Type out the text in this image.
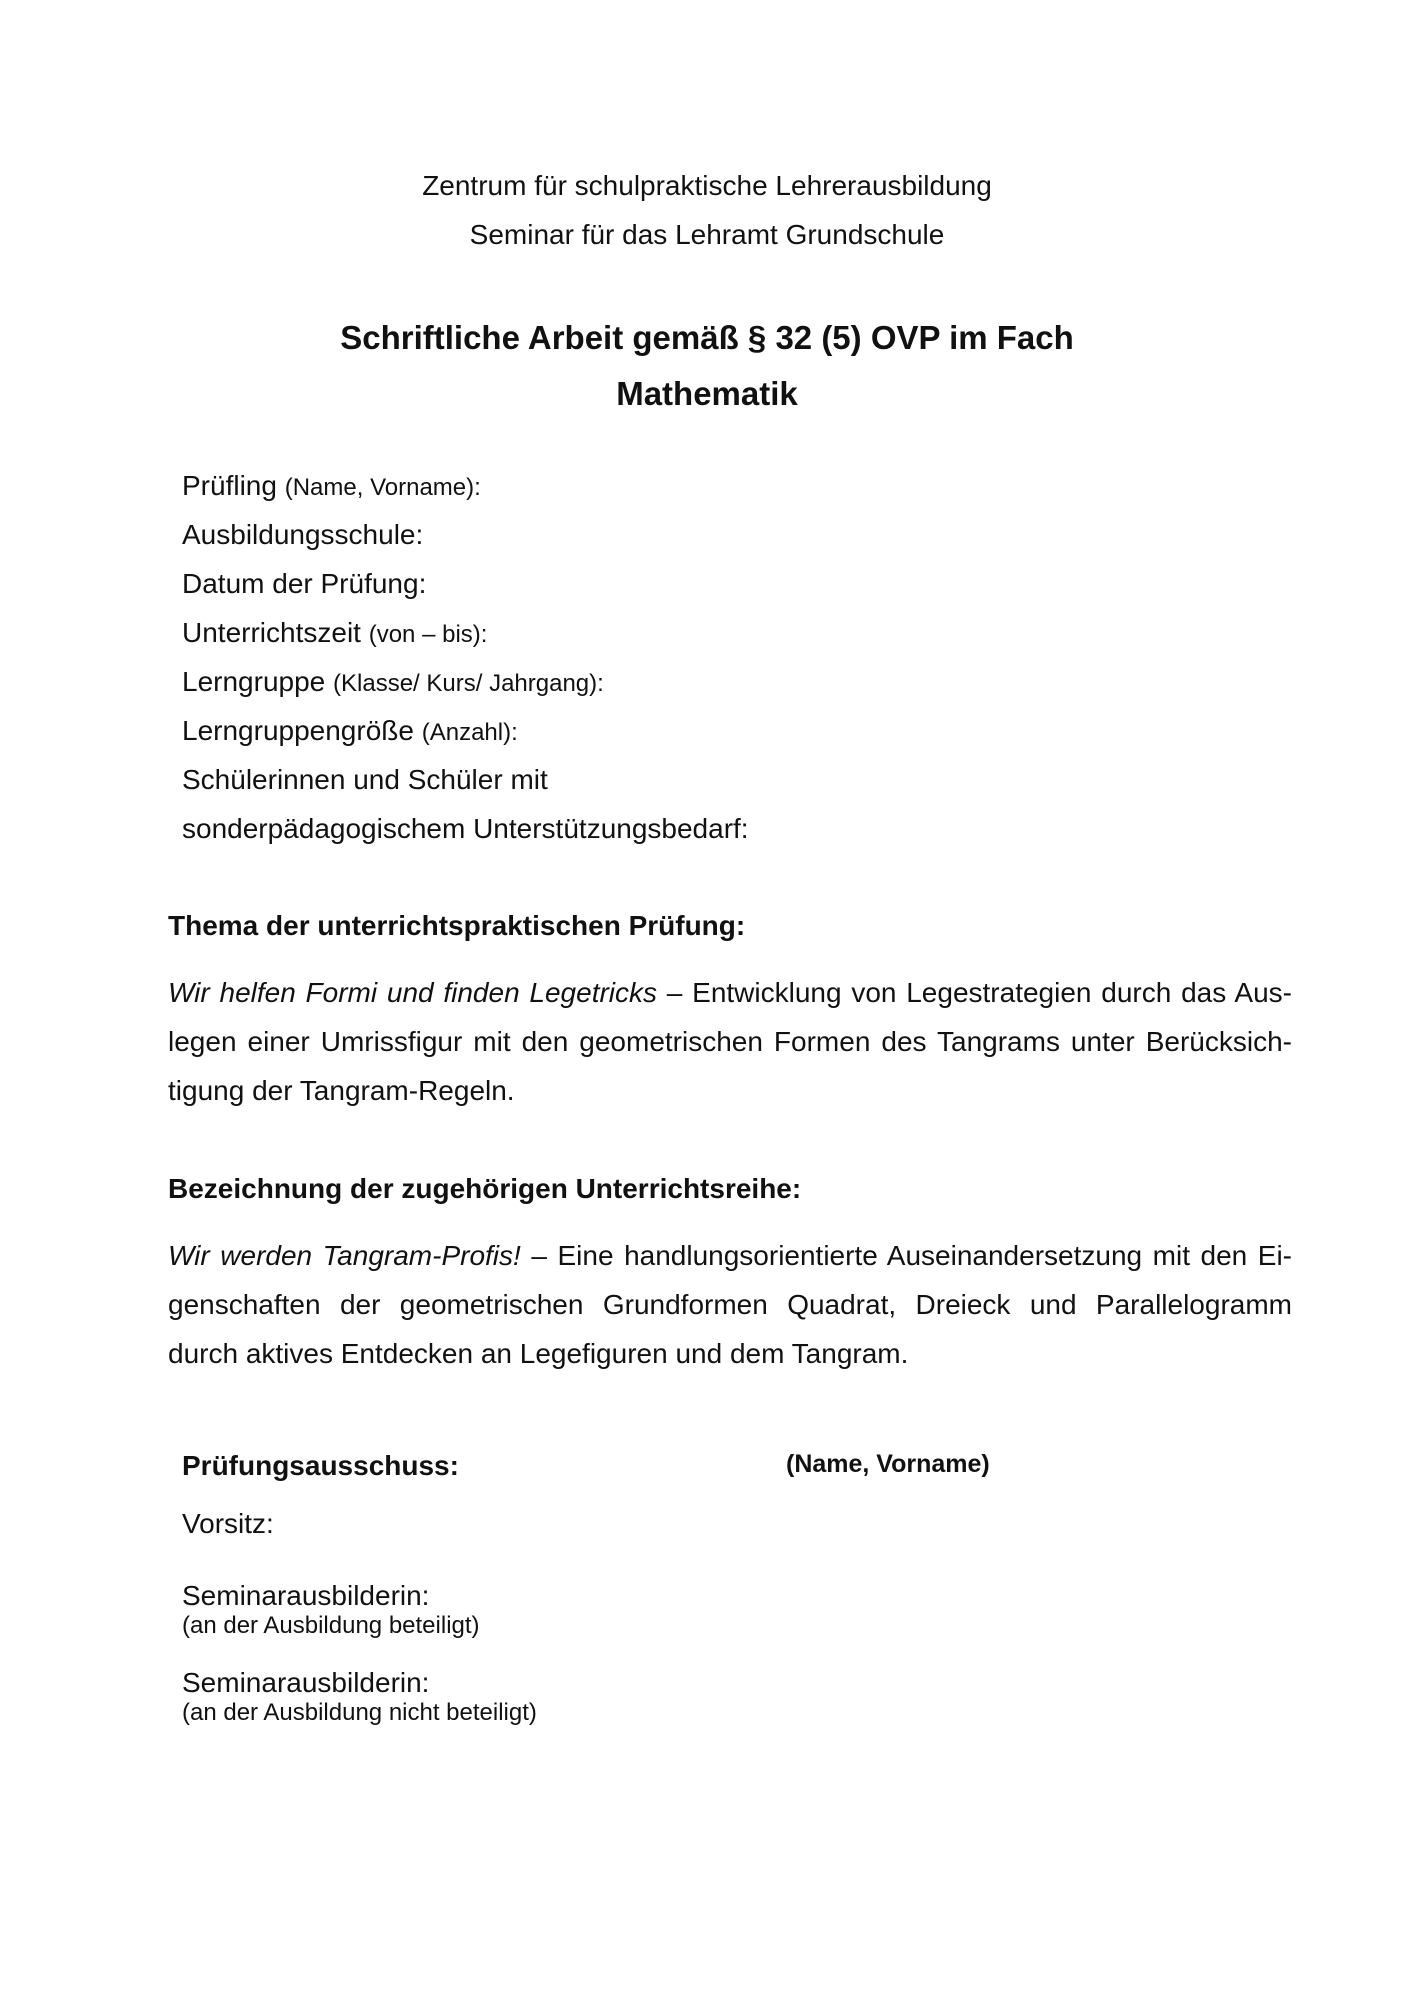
Zentrum für schulpraktische Lehrerausbildung
Seminar für das Lehramt Grundschule
Schriftliche Arbeit gemäß § 32 (5) OVP im Fach
Mathematik
Prüfling (Name, Vorname):
Ausbildungsschule:
Datum der Prüfung:
Unterrichtszeit (von – bis):
Lerngruppe (Klasse/ Kurs/ Jahrgang):
Lerngruppengröße (Anzahl):
Schülerinnen und Schüler mit
sonderpädagogischem Unterstützungsbedarf:
Thema der unterrichtspraktischen Prüfung:
Wir helfen Formi und finden Legetricks – Entwicklung von Legestrategien durch das Aus-
legen einer Umrissfigur mit den geometrischen Formen des Tangrams unter Berücksich-
tigung der Tangram-Regeln.
Bezeichnung der zugehörigen Unterrichtsreihe:
Wir werden Tangram-Profis! – Eine handlungsorientierte Auseinandersetzung mit den Ei-
genschaften der geometrischen Grundformen Quadrat, Dreieck und Parallelogramm
durch aktives Entdecken an Legefiguren und dem Tangram.
Prüfungsausschuss:	(Name, Vorname)
Vorsitz:
Seminarausbilderin:
(an der Ausbildung beteiligt)
Seminarausbilderin:
(an der Ausbildung nicht beteiligt)
